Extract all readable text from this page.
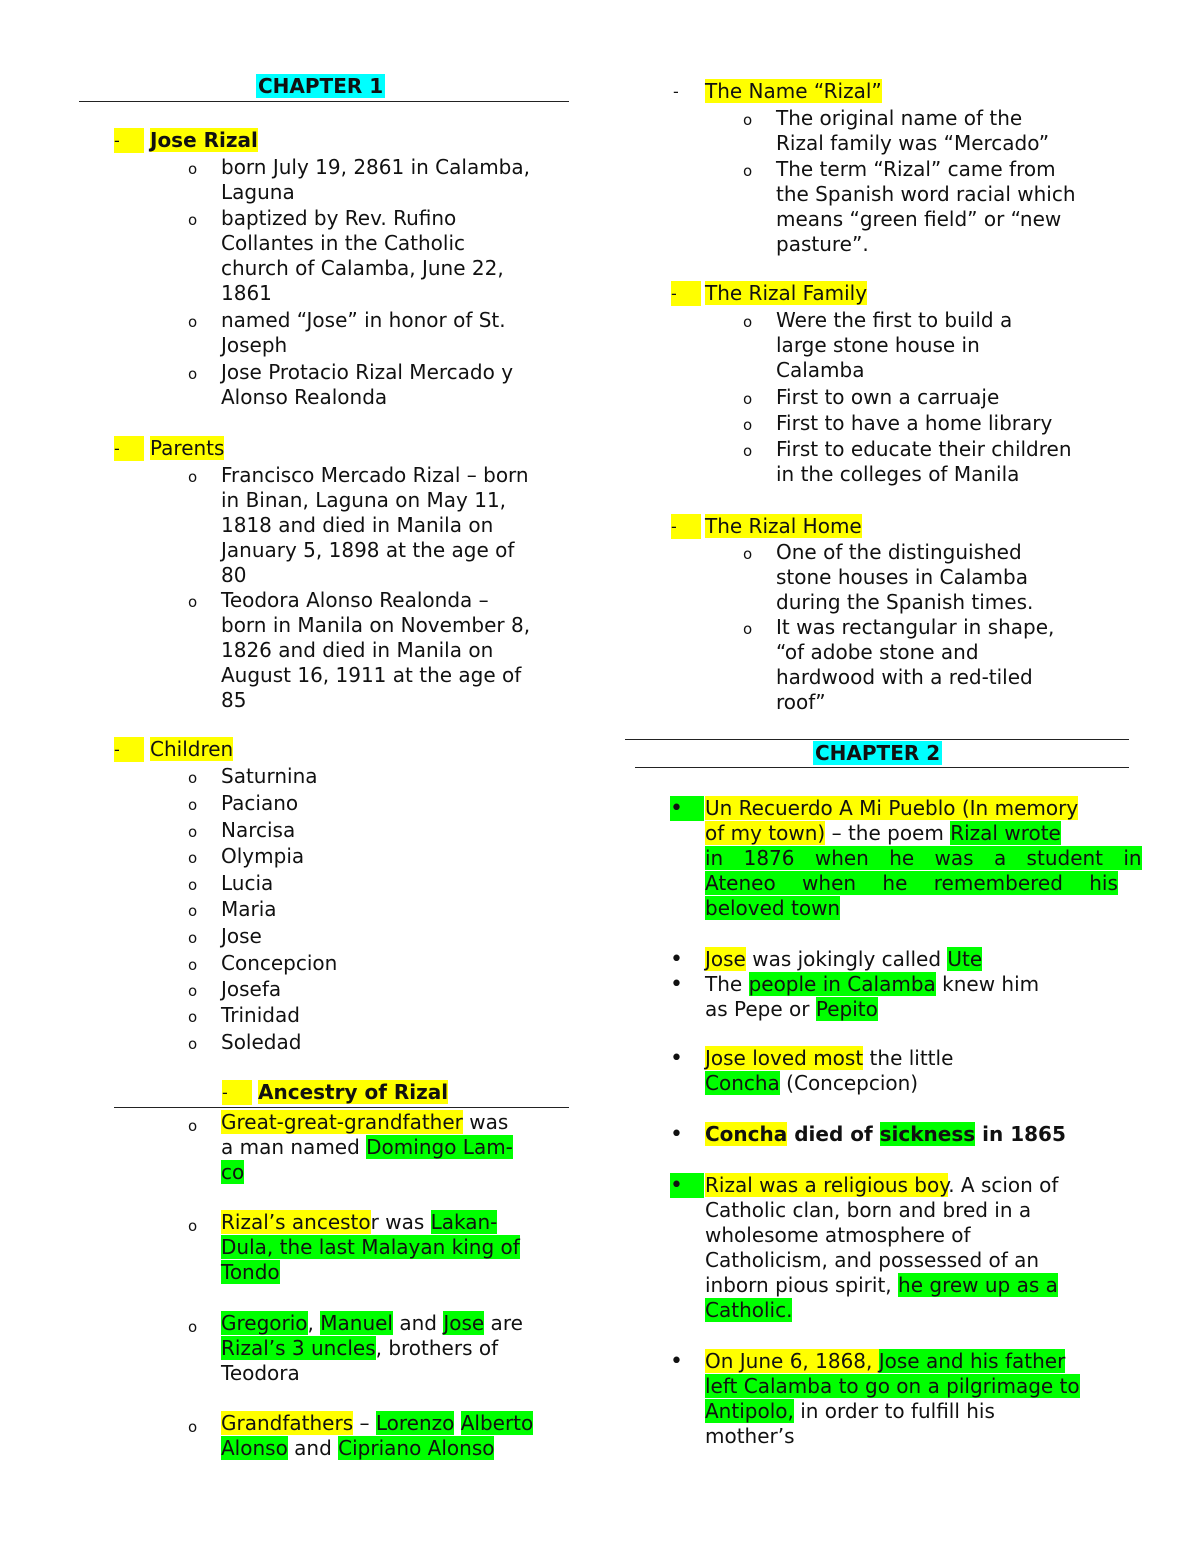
CHAPTER 1
-	Jose Rizal
o born July 19, 2861 in Calamba,
Laguna
o baptized by Rev. Rufino
Collantes in the Catholic
church of Calamba, June 22,
1861
o named “Jose” in honor of St.
Joseph
o Jose Protacio Rizal Mercado y
Alonso Realonda
-	Parents
o Francisco Mercado Rizal – born
in Binan, Laguna on May 11,
1818 and died in Manila on
January 5, 1898 at the age of
80
o Teodora Alonso Realonda –
born in Manila on November 8,
1826 and died in Manila on
August 16, 1911 at the age of
85
-	Children
o Saturnina
o Paciano
o Narcisa
o Olympia
o Lucia
o Maria
o Jose
o Concepcion
o Josefa
o Trinidad
o Soledad
-	Ancestry of Rizal
o Great-great-grandfather was
a man named Domingo Lam-
co
o Rizal’s ancestor was Lakan-
Dula, the last Malayan king of
Tondo
o Gregorio, Manuel and Jose are
Rizal’s 3 uncles, brothers of
Teodora
o Grandfathers – Lorenzo Alberto
Alonso and Cipriano Alonso
- The Name “Rizal”
o The original name of the
Rizal family was “Mercado”
o The term “Rizal” came from
the Spanish word racial which
means “green field” or “new
pasture”.
-	The Rizal Family
o Were the first to build a
large stone house in
Calamba
o First to own a carruaje
o First to have a home library
o First to educate their children
in the colleges of Manila
-	The Rizal Home
o One of the distinguished
stone houses in Calamba
during the Spanish times.
o It was rectangular in shape,
“of adobe stone and
hardwood with a red-tiled
roof”
CHAPTER 2
•	Un Recuerdo A Mi Pueblo (In memory
of my town) – the poem Rizal wrote
in 1876 when he was a student in
Ateneo when he remembered his
beloved town
• Jose was jokingly called Ute
• The people in Calamba knew him
as Pepe or Pepito
• Jose loved most the little
Concha (Concepcion)
• Concha died of sickness in 1865
•	Rizal was a religious boy. A scion of
Catholic clan, born and bred in a
wholesome atmosphere of
Catholicism, and possessed of an
inborn pious spirit, he grew up as a
Catholic.
• On June 6, 1868, Jose and his father
left Calamba to go on a pilgrimage to
Antipolo, in order to fulfill his
mother’s
